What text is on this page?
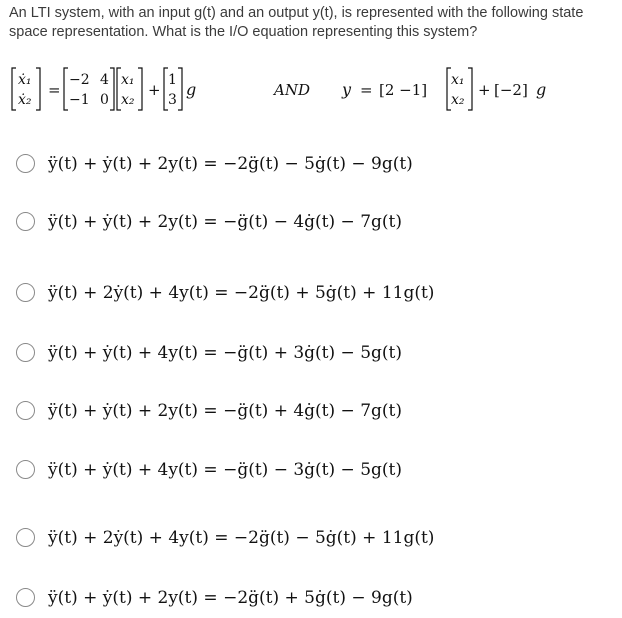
An LTI system, with an input g(t) and an output y(t), is represented with the following state space representation. What is the I/O equation representing this system?
ẋ₁
ẋ₂
=
−2 4
−1 0
x₁
x₂
+
1
3
g	AND y = [2 −1]
x₁
x₂
+ [−2] g
ÿ(t) + ẏ(t) + 2y(t) = −2g̈(t) − 5ġ(t) − 9g(t)
ÿ(t) + ẏ(t) + 2y(t) = −g̈(t) − 4ġ(t) − 7g(t)
ÿ(t) + 2ẏ(t) + 4y(t) = −2g̈(t) + 5ġ(t) + 11g(t)
ÿ(t) + ẏ(t) + 4y(t) = −g̈(t) + 3ġ(t) − 5g(t)
ÿ(t) + ẏ(t) + 2y(t) = −g̈(t) + 4ġ(t) − 7g(t)
ÿ(t) + ẏ(t) + 4y(t) = −g̈(t) − 3ġ(t) − 5g(t)
ÿ(t) + 2ẏ(t) + 4y(t) = −2g̈(t) − 5ġ(t) + 11g(t)
ÿ(t) + ẏ(t) + 2y(t) = −2g̈(t) + 5ġ(t) − 9g(t)
